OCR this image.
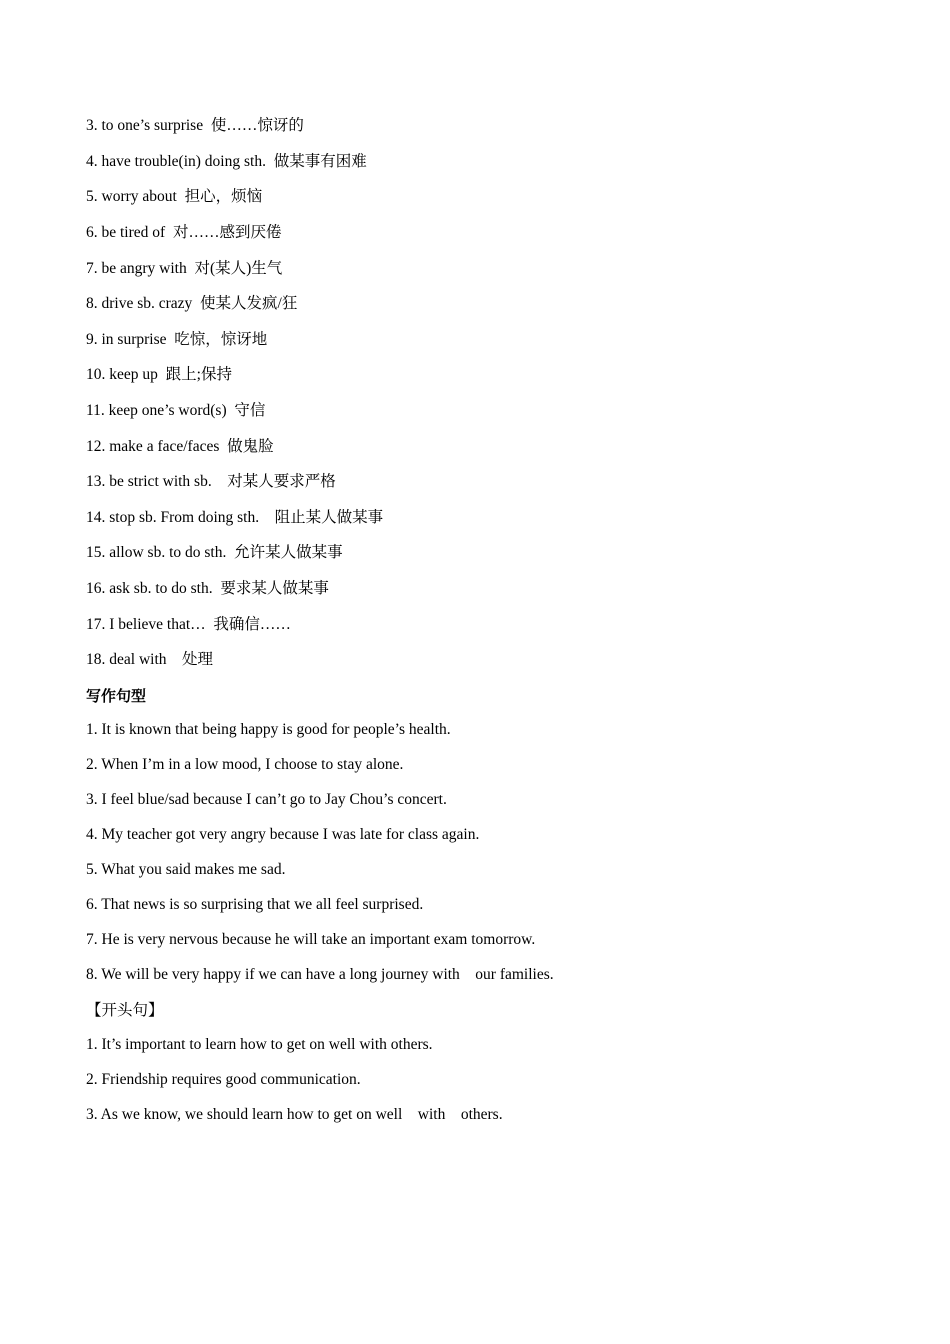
3. to one’s surprise  使……惊讶的
4. have trouble(in) doing sth.  做某事有困难
5. worry about  担心，烦恼
6. be tired of  对……感到厌倦
7. be angry with  对(某人)生气
8. drive sb. crazy  使某人发疯/狂
9. in surprise  吃惊，惊讶地
10. keep up  跟上;保持
11. keep one’s word(s)  守信
12. make a face/faces  做鬼脸
13. be strict with sb.    对某人要求严格
14. stop sb. From doing sth.    阻止某人做某事
15. allow sb. to do sth.  允许某人做某事
16. ask sb. to do sth.  要求某人做某事
17. I believe that…  我确信……
18. deal with    处理
写作句型
1. It is known that being happy is good for people’s health.
2. When I’m in a low mood, I choose to stay alone.
3. I feel blue/sad because I can’t go to Jay Chou’s concert.
4. My teacher got very angry because I was late for class again.
5. What you said makes me sad.
6. That news is so surprising that we all feel surprised.
7. He is very nervous because he will take an important exam tomorrow.
8. We will be very happy if we can have a long journey with    our families.
【开头句】
1. It’s important to learn how to get on well with others.
2. Friendship requires good communication.
3. As we know, we should learn how to get on well    with    others.
